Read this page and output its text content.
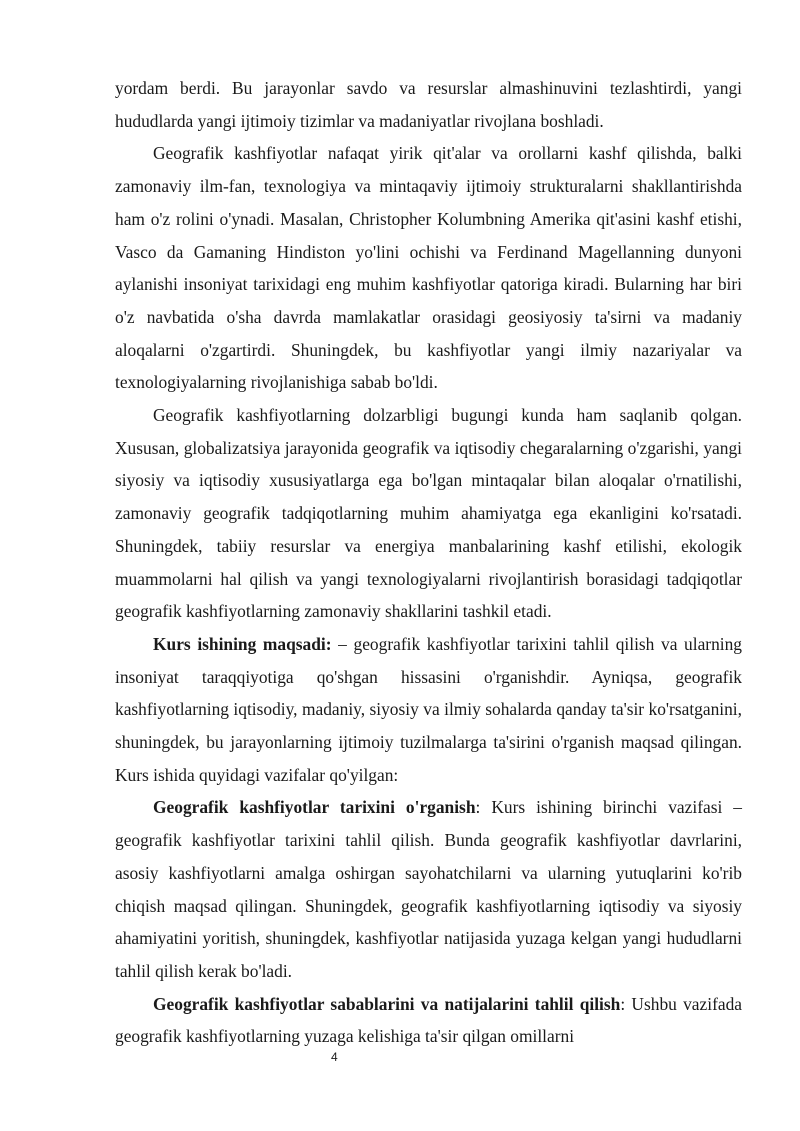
yordam berdi. Bu jarayonlar savdo va resurslar almashinuvini tezlashtirdi, yangi hududlarda yangi ijtimoiy tizimlar va madaniyatlar rivojlana boshladi.

Geografik kashfiyotlar nafaqat yirik qit'alar va orollarni kashf qilishda, balki zamonaviy ilm-fan, texnologiya va mintaqaviy ijtimoiy strukturalarni shakllantirishda ham o'z rolini o'ynadi. Masalan, Christopher Kolumbning Amerika qit'asini kashf etishi, Vasco da Gamaning Hindiston yo'lini ochishi va Ferdinand Magellanning dunyoni aylanishi insoniyat tarixidagi eng muhim kashfiyotlar qatoriga kiradi. Bularning har biri o'z navbatida o'sha davrda mamlakatlar orasidagi geosiyosiy ta'sirni va madaniy aloqalarni o'zgartirdi. Shuningdek, bu kashfiyotlar yangi ilmiy nazariyalar va texnologiyalarning rivojlanishiga sabab bo'ldi.

Geografik kashfiyotlarning dolzarbligi bugungi kunda ham saqlanib qolgan. Xususan, globalizatsiya jarayonida geografik va iqtisodiy chegaralarning o'zgarishi, yangi siyosiy va iqtisodiy xususiyatlarga ega bo'lgan mintaqalar bilan aloqalar o'rnatilishi, zamonaviy geografik tadqiqotlarning muhim ahamiyatga ega ekanligini ko'rsatadi. Shuningdek, tabiiy resurslar va energiya manbalarining kashf etilishi, ekologik muammolarni hal qilish va yangi texnologiyalarni rivojlantirish borasidagi tadqiqotlar geografik kashfiyotlarning zamonaviy shakllarini tashkil etadi.

Kurs ishining maqsadi: – geografik kashfiyotlar tarixini tahlil qilish va ularning insoniyat taraqqiyotiga qo'shgan hissasini o'rganishdir. Ayniqsa, geografik kashfiyotlarning iqtisodiy, madaniy, siyosiy va ilmiy sohalarda qanday ta'sir ko'rsatganini, shuningdek, bu jarayonlarning ijtimoiy tuzilmalarga ta'sirini o'rganish maqsad qilingan. Kurs ishida quyidagi vazifalar qo'yilgan:

Geografik kashfiyotlar tarixini o'rganish: Kurs ishining birinchi vazifasi – geografik kashfiyotlar tarixini tahlil qilish. Bunda geografik kashfiyotlar davrlarini, asosiy kashfiyotlarni amalga oshirgan sayohatchilarni va ularning yutuqlarini ko'rib chiqish maqsad qilingan. Shuningdek, geografik kashfiyotlarning iqtisodiy va siyosiy ahamiyatini yoritish, shuningdek, kashfiyotlar natijasida yuzaga kelgan yangi hududlarni tahlil qilish kerak bo'ladi.

Geografik kashfiyotlar sabablarini va natijalarini tahlil qilish: Ushbu vazifada geografik kashfiyotlarning yuzaga kelishiga ta'sir qilgan omillarni

4
